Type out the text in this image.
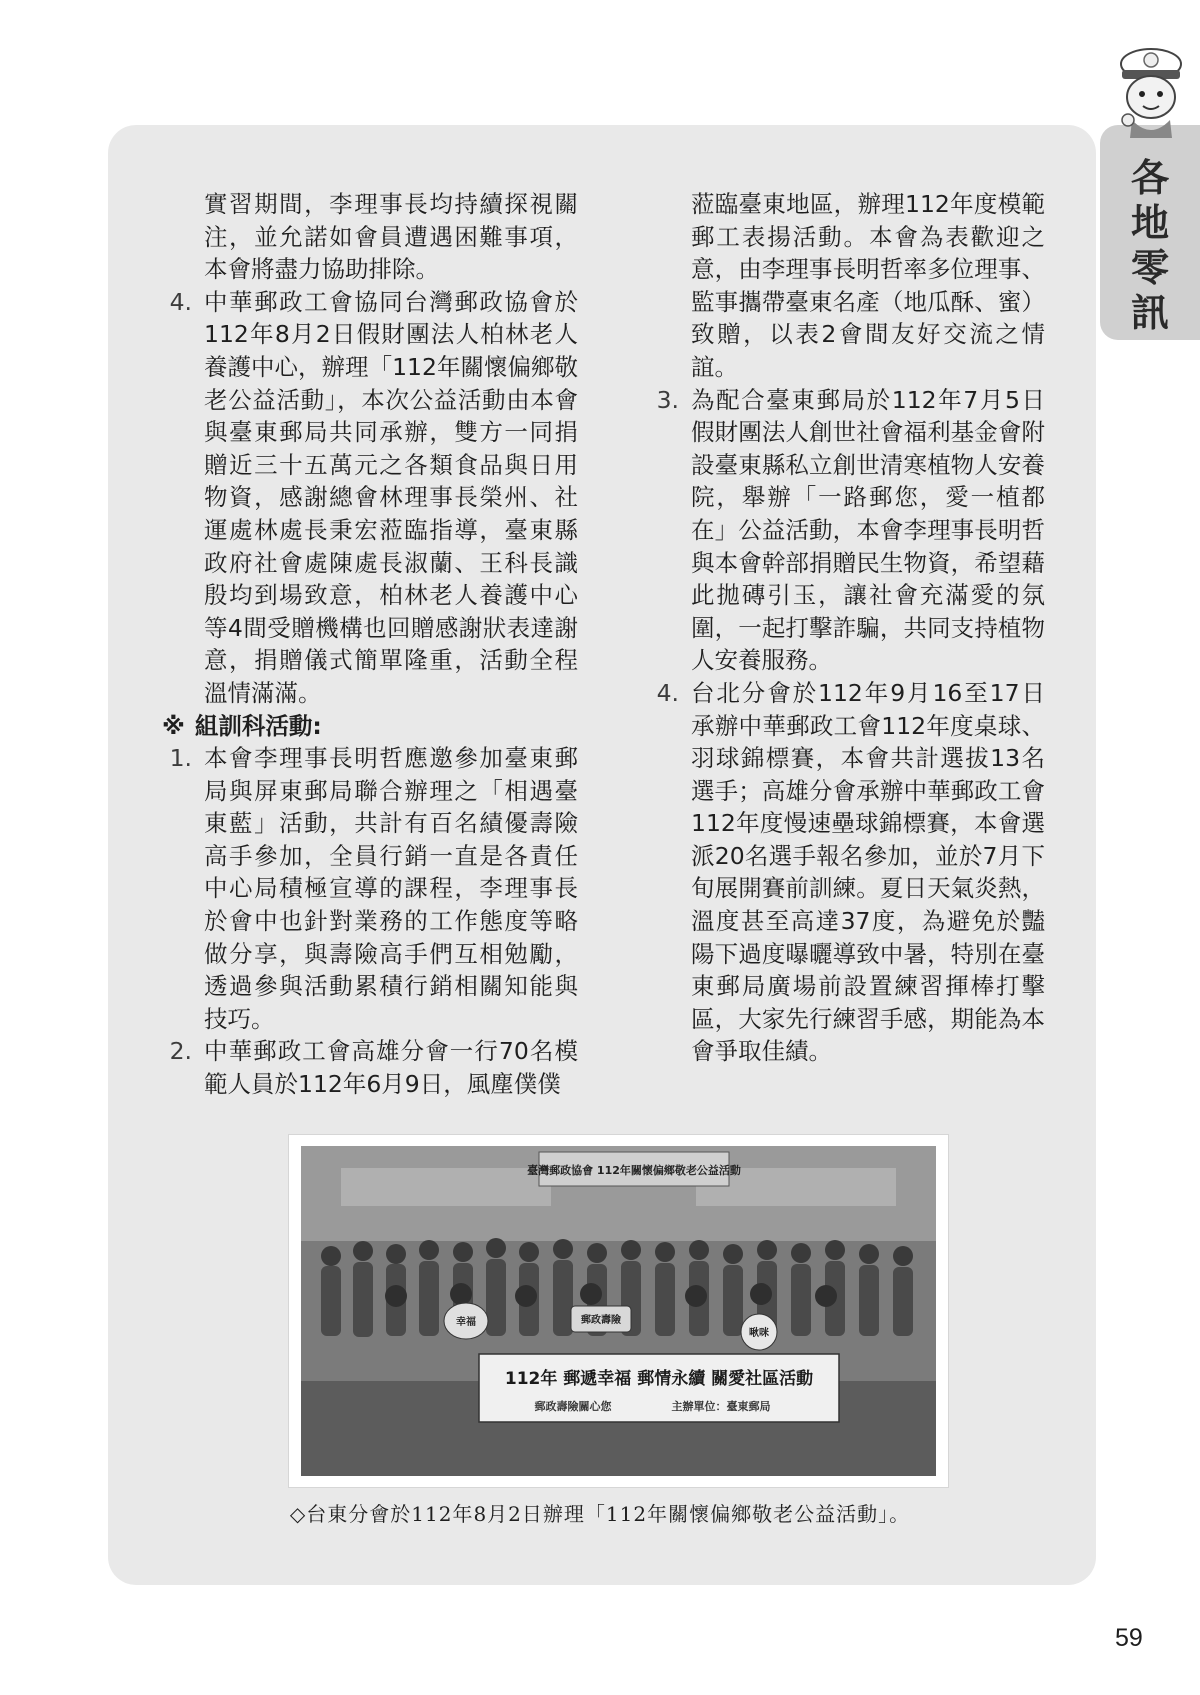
各
地
零
訊
實習期間，李理事長均持續探視關注，並允諾如會員遭遇困難事項，本會將盡力協助排除。
4. 中華郵政工會協同台灣郵政協會於112年8月2日假財團法人柏林老人養護中心，辦理「112年關懷偏鄉敬老公益活動」，本次公益活動由本會與臺東郵局共同承辦，雙方一同捐贈近三十五萬元之各類食品與日用物資，感謝總會林理事長榮州、社運處林處長秉宏蒞臨指導，臺東縣政府社會處陳處長淑蘭、王科長識殷均到場致意，柏林老人養護中心等4間受贈機構也回贈感謝狀表達謝意，捐贈儀式簡單隆重，活動全程溫情滿滿。
※ 組訓科活動 :
1. 本會李理事長明哲應邀參加臺東郵局與屏東郵局聯合辦理之「相遇臺東藍」活動，共計有百名績優壽險高手參加，全員行銷一直是各責任中心局積極宣導的課程，李理事長於會中也針對業務的工作態度等略做分享，與壽險高手們互相勉勵，透過參與活動累積行銷相關知能與技巧。
2. 中華郵政工會高雄分會一行70名模範人員於112年6月9日，風塵僕僕
蒞臨臺東地區，辦理112年度模範郵工表揚活動。本會為表歡迎之意，由李理事長明哲率多位理事、監事攜帶臺東名產（地瓜酥、蜜）致贈，以表2會間友好交流之情誼。
3. 為配合臺東郵局於112年7月5日假財團法人創世社會福利基金會附設臺東縣私立創世清寒植物人安養院，舉辦「一路郵您，愛一植都在」公益活動，本會李理事長明哲與本會幹部捐贈民生物資，希望藉此拋磚引玉，讓社會充滿愛的氛圍，一起打擊詐騙，共同支持植物人安養服務。
4. 台北分會於112年9月16至17日承辦中華郵政工會112年度桌球、羽球錦標賽，本會共計選拔13名選手；高雄分會承辦中華郵政工會112年度慢速壘球錦標賽，本會選派20名選手報名參加，並於7月下旬展開賽前訓練。夏日天氣炎熱，溫度甚至高達37度，為避免於豔陽下過度曝曬導致中暑，特別在臺東郵局廣場前設置練習揮棒打擊區，大家先行練習手感，期能為本會爭取佳績。
臺灣郵政協會 112年關懷偏鄉敬老公益活動
幸福	郵政壽險
啾咪
112年 郵遞幸福 郵情永續 關愛社區活動
郵政壽險關心您	主辦單位：臺東郵局
◇台東分會於112年8月2日辦理「112年關懷偏鄉敬老公益活動」。
59
